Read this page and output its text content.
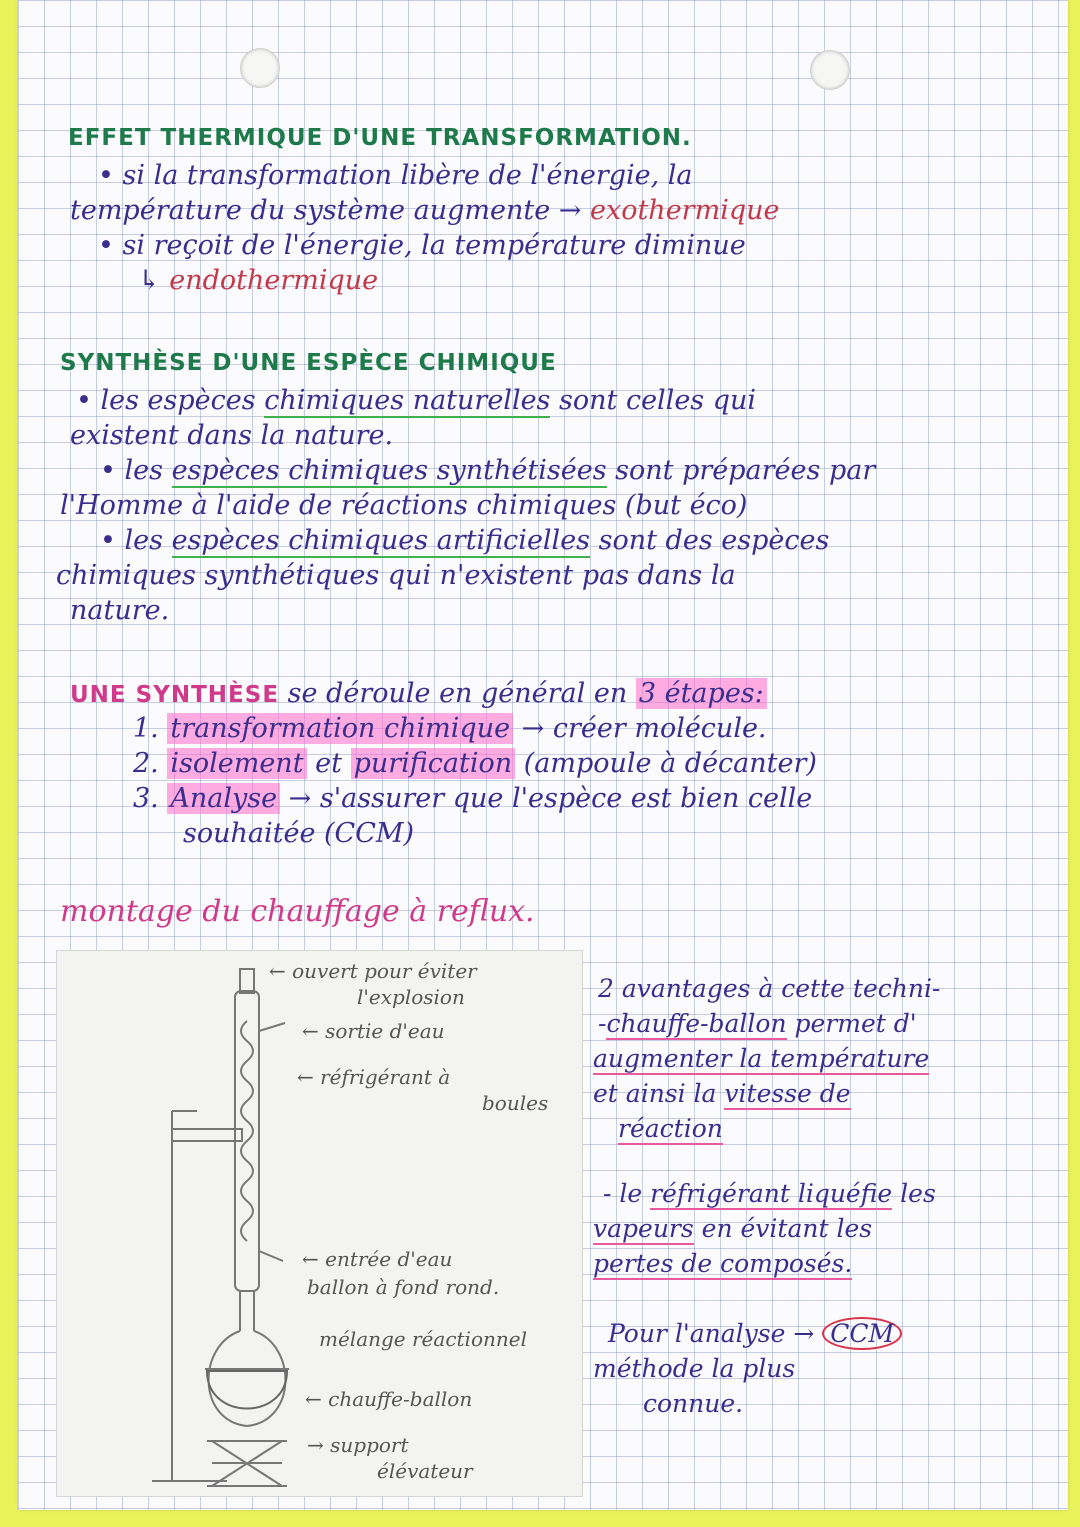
EFFET THERMIQUE D'UNE TRANSFORMATION.

• si la transformation libère de l'énergie, la

température du système augmente → exothermique

• si reçoit de l'énergie, la température diminue

↳ endothermique

SYNTHÈSE D'UNE ESPÈCE CHIMIQUE

• les espèces chimiques naturelles sont celles qui

existent dans la nature.

• les espèces chimiques synthétisées sont préparées par

l'Homme à l'aide de réactions chimiques (but éco)

• les espèces chimiques artificielles sont des espèces

chimiques synthétiques qui n'existent pas dans la

nature.

UNE SYNTHÈSE se déroule en général en 3 étapes:

1. transformation chimique → créer molécule.

2. isolement et purification (ampoule à décanter)

3. Analyse → s'assurer que l'espèce est bien celle

souhaitée (CCM)

montage du chauffage à reflux.

← ouvert pour éviter

l'explosion

← sortie d'eau

← réfrigérant à

boules

← entrée d'eau

ballon à fond rond.

mélange réactionnel

← chauffe-ballon

→ support

élévateur

2 avantages à cette techni-

-chauffe-ballon permet d'

augmenter la température

et ainsi la vitesse de

réaction

- le réfrigérant liquéfie les

vapeurs en évitant les

pertes de composés.

Pour l'analyse → CCM

méthode la plus

connue.
